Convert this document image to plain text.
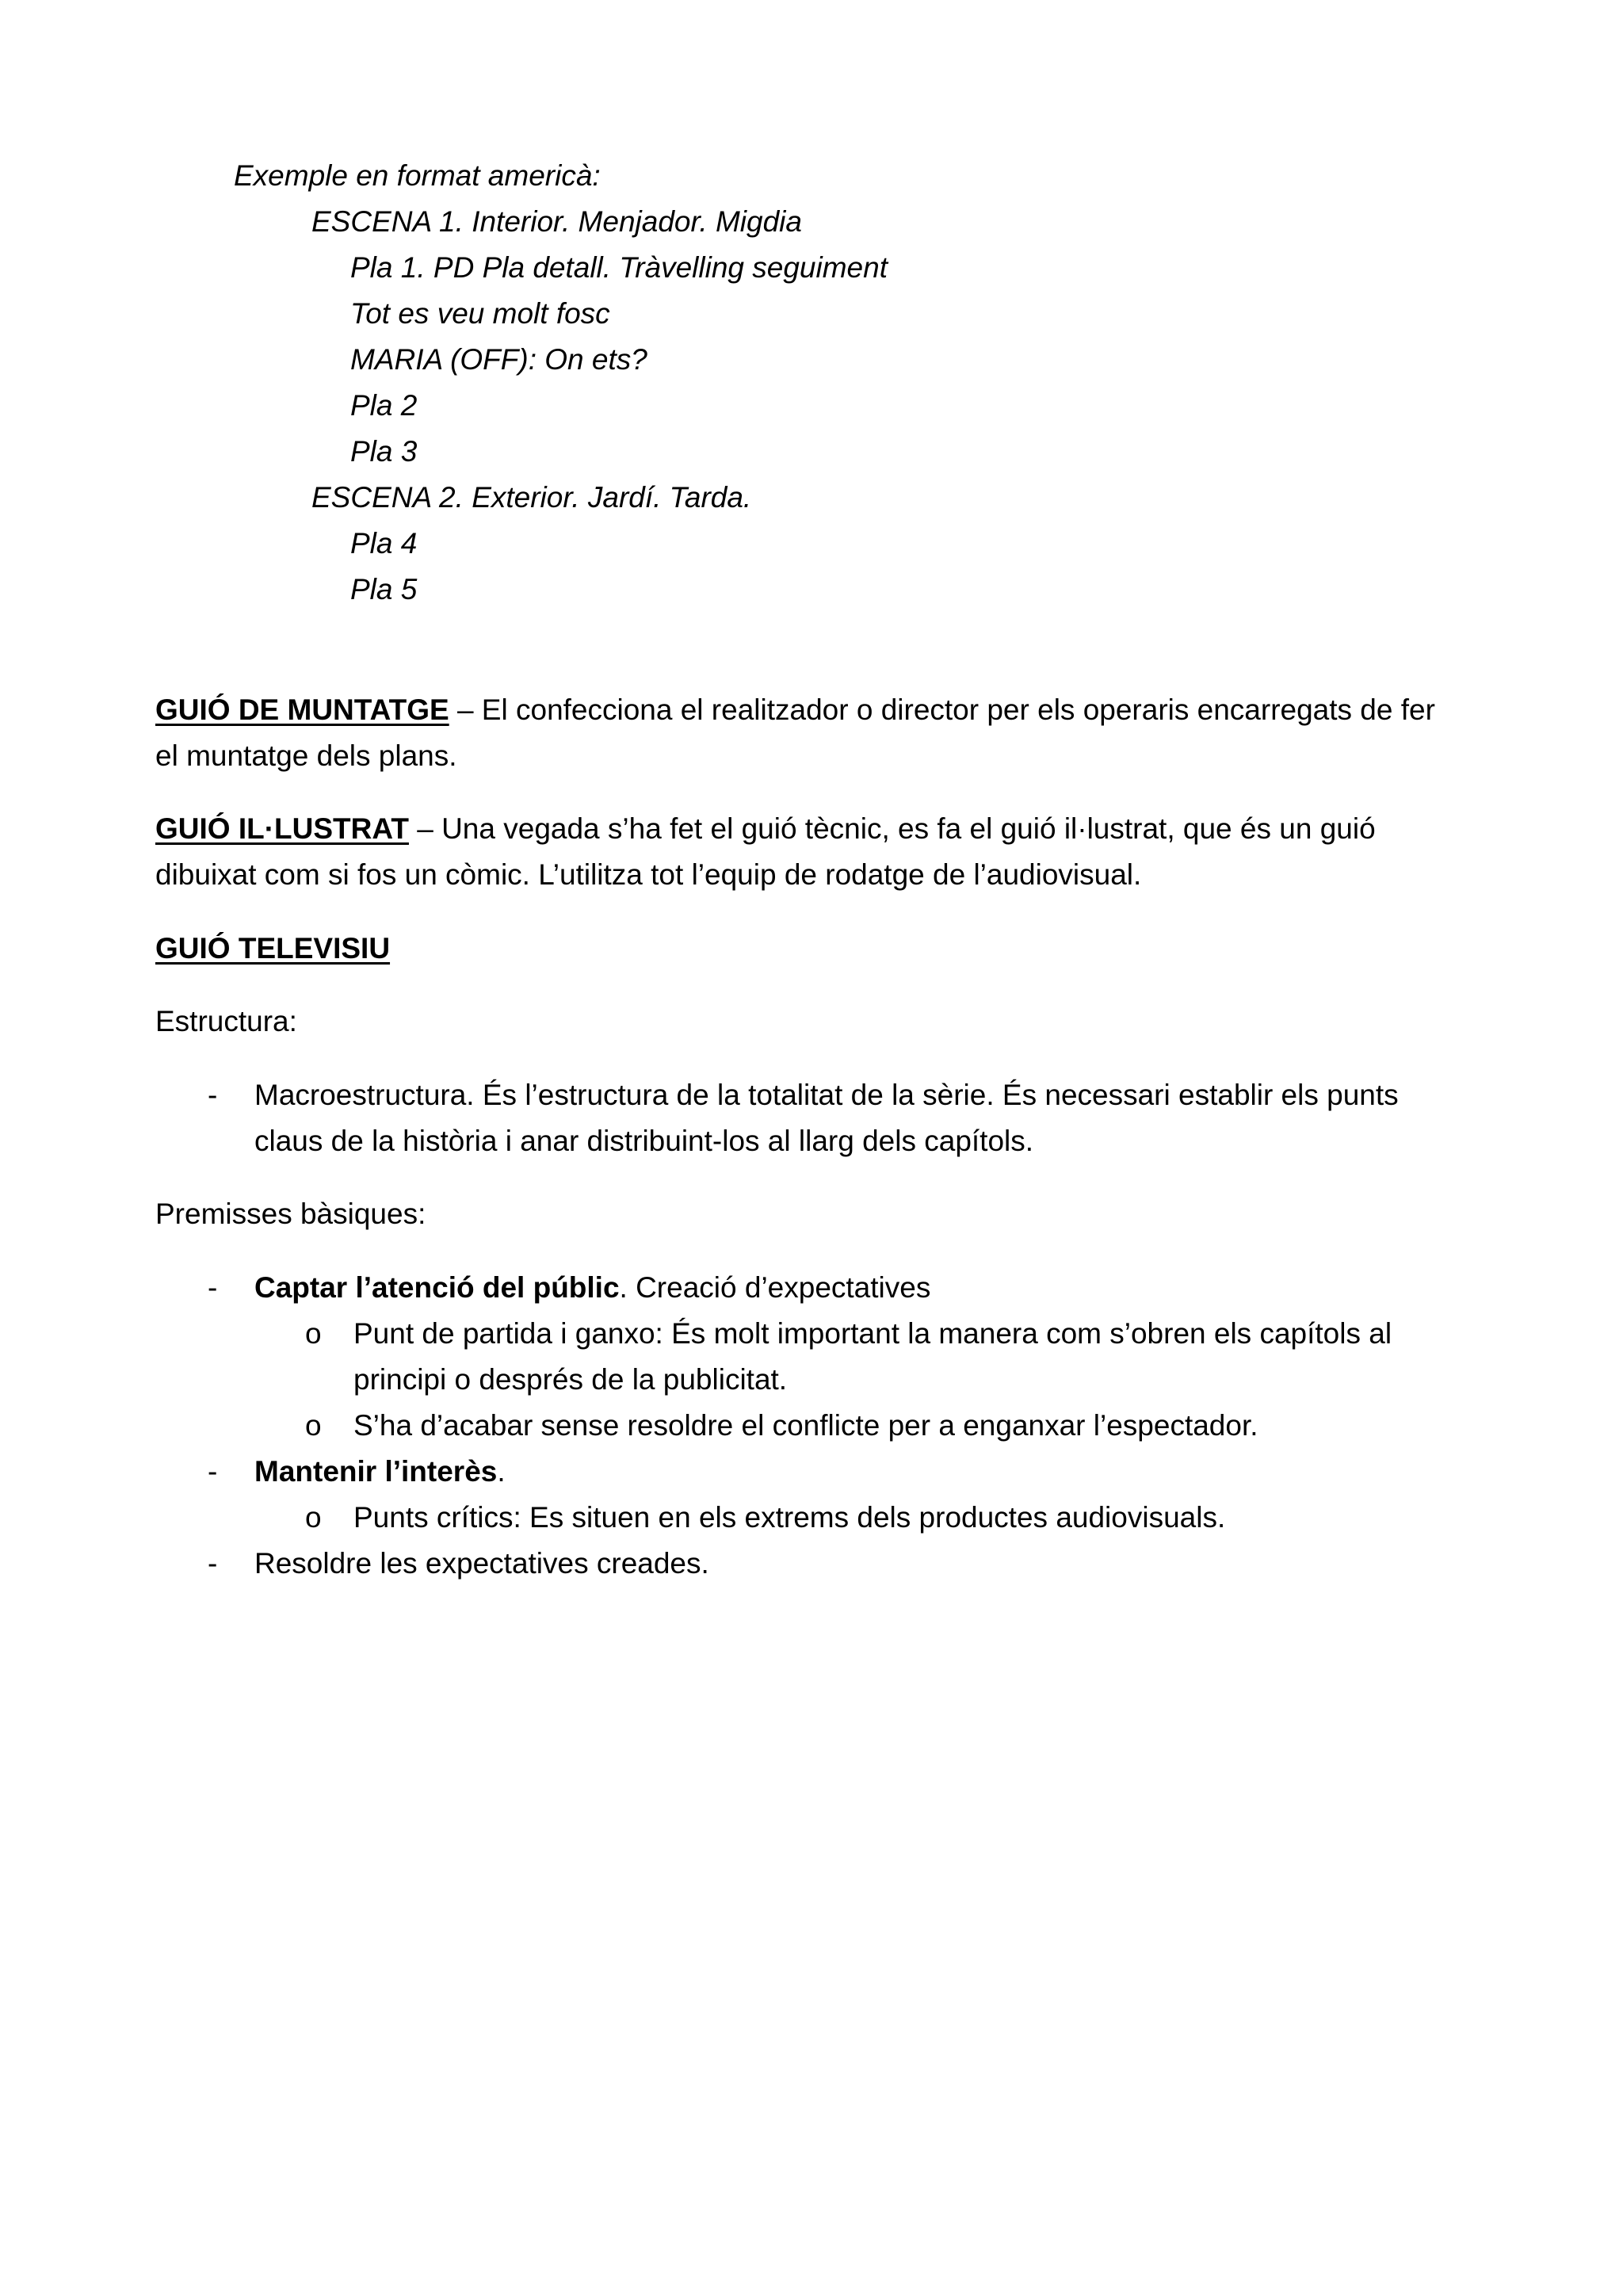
Exemple en format americà:
ESCENA 1. Interior. Menjador. Migdia
Pla 1. PD Pla detall. Tràvelling seguiment
Tot es veu molt fosc
MARIA (OFF): On ets?
Pla 2
Pla 3
ESCENA 2. Exterior. Jardí. Tarda.
Pla 4
Pla 5
GUIÓ DE MUNTATGE – El confecciona el realitzador o director per els operaris encarregats de fer
el muntatge dels plans.
GUIÓ IL·LUSTRAT – Una vegada s’ha fet el guió tècnic, es fa el guió il·lustrat, que és un guió
dibuixat com si fos un còmic. L’utilitza tot l’equip de rodatge de l’audiovisual.
GUIÓ TELEVISIU
Estructura:
- Macroestructura. És l’estructura de la totalitat de la sèrie. És necessari establir els punts
claus de la història i anar distribuint-los al llarg dels capítols.
Premisses bàsiques:
- Captar l’atenció del públic. Creació d’expectatives
o Punt de partida i ganxo: És molt important la manera com s’obren els capítols al
principi o després de la publicitat.
o S’ha d’acabar sense resoldre el conflicte per a enganxar l’espectador.
- Mantenir l’interès.
o Punts crítics: Es situen en els extrems dels productes audiovisuals.
- Resoldre les expectatives creades.
